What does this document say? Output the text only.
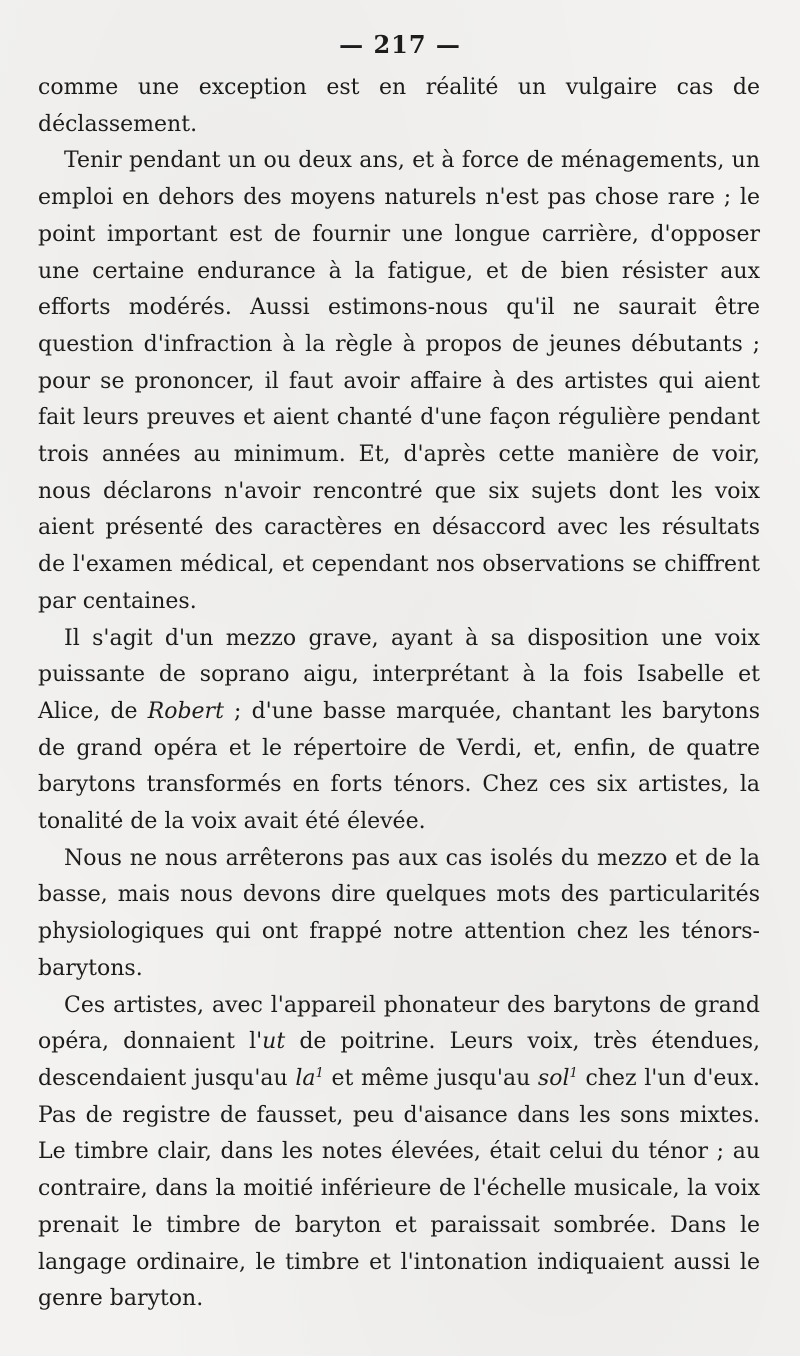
— 217 —

comme une exception est en réalité un vulgaire cas de déclassement.

Tenir pendant un ou deux ans, et à force de ménagements, un emploi en dehors des moyens naturels n'est pas chose rare ; le point important est de fournir une longue carrière, d'opposer une certaine endurance à la fatigue, et de bien résister aux efforts modérés. Aussi estimons-nous qu'il ne saurait être question d'infraction à la règle à propos de jeunes débutants ; pour se prononcer, il faut avoir affaire à des artistes qui aient fait leurs preuves et aient chanté d'une façon régulière pendant trois années au minimum. Et, d'après cette manière de voir, nous déclarons n'avoir rencontré que six sujets dont les voix aient présenté des caractères en désaccord avec les résultats de l'examen médical, et cependant nos observations se chiffrent par centaines.

Il s'agit d'un mezzo grave, ayant à sa disposition une voix puissante de soprano aigu, interprétant à la fois Isabelle et Alice, de Robert ; d'une basse marquée, chantant les barytons de grand opéra et le répertoire de Verdi, et, enfin, de quatre barytons transformés en forts ténors. Chez ces six artistes, la tonalité de la voix avait été élevée.

Nous ne nous arrêterons pas aux cas isolés du mezzo et de la basse, mais nous devons dire quelques mots des particularités physiologiques qui ont frappé notre attention chez les ténors-barytons.

Ces artistes, avec l'appareil phonateur des barytons de grand opéra, donnaient l'ut de poitrine. Leurs voix, très étendues, descendaient jusqu'au $la^1$ et même jusqu'au sol$^1$ chez l'un d'eux. Pas de registre de fausset, peu d'aisance dans les sons mixtes. Le timbre clair, dans les notes élevées, était celui du ténor ; au contraire, dans la moitié inférieure de l'échelle musicale, la voix prenait le timbre de baryton et paraissait sombrée. Dans le langage ordinaire, le timbre et l'intonation indiquaient aussi le genre baryton.
